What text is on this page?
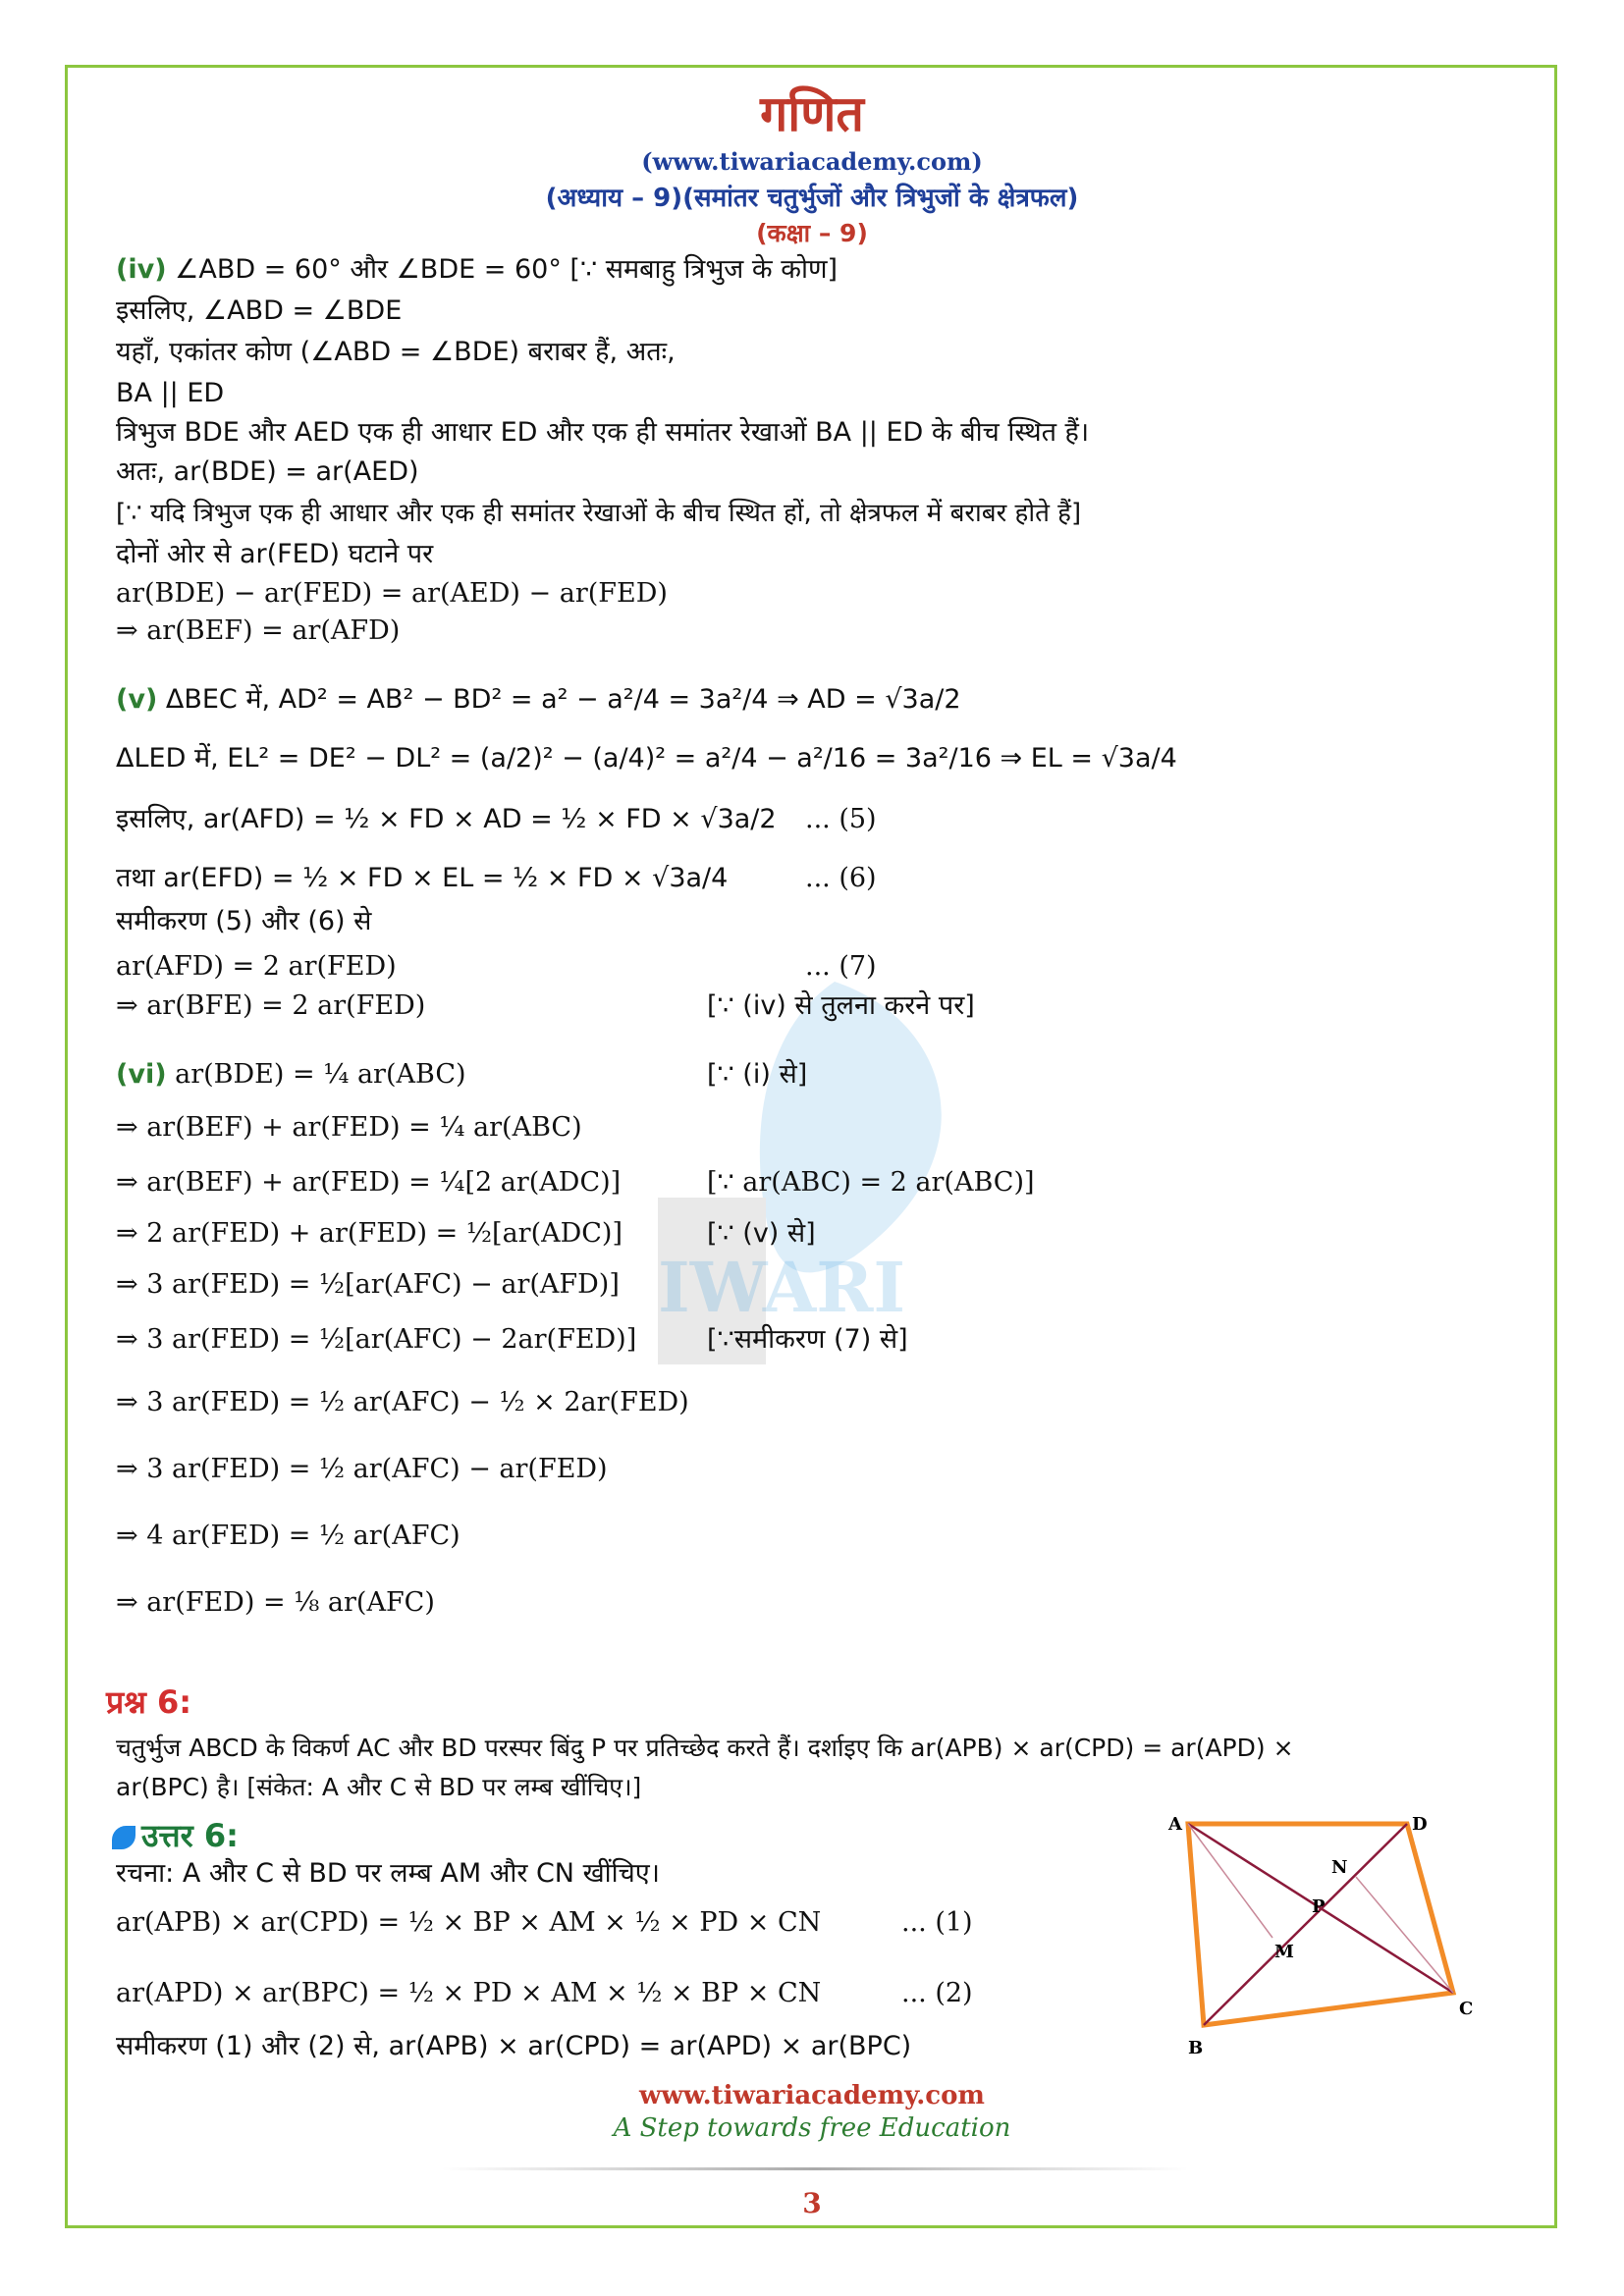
IWARI
गणित
(www.tiwariacademy.com)
(अध्याय – 9)(समांतर चतुर्भुजों और त्रिभुजों के क्षेत्रफल)
(कक्षा – 9)
(iv) ∠ABD = 60° और ∠BDE = 60° [∵ समबाहु त्रिभुज के कोण]
इसलिए, ∠ABD = ∠BDE
यहाँ, एकांतर कोण (∠ABD = ∠BDE) बराबर हैं, अतः,
BA || ED
त्रिभुज BDE और AED एक ही आधार ED और एक ही समांतर रेखाओं BA || ED के बीच स्थित हैं।
अतः, ar(BDE) = ar(AED)
[∵ यदि त्रिभुज एक ही आधार और एक ही समांतर रेखाओं के बीच स्थित हों, तो क्षेत्रफल में बराबर होते हैं]
दोनों ओर से ar(FED) घटाने पर
ar(BDE) − ar(FED) = ar(AED) − ar(FED)
⇒ ar(BEF) = ar(AFD)
(v) ΔBEC में, AD² = AB² − BD² = a² − a²/4 = 3a²/4 ⇒ AD = √3a/2
ΔLED में, EL² = DE² − DL² = (a/2)² − (a/4)² = a²/4 − a²/16 = 3a²/16 ⇒ EL = √3a/4
इसलिए, ar(AFD) = ½ × FD × AD = ½ × FD × √3a/2 ... (5)
तथा ar(EFD) = ½ × FD × EL = ½ × FD × √3a/4	... (6)
समीकरण (5) और (6) से
ar(AFD) = 2 ar(FED)	... (7)
⇒ ar(BFE) = 2 ar(FED)	[∵ (iv) से तुलना करने पर]
(vi) ar(BDE) = ¼ ar(ABC)	[∵ (i) से]
⇒ ar(BEF) + ar(FED) = ¼ ar(ABC)
⇒ ar(BEF) + ar(FED) = ¼[2 ar(ADC)]	[∵ ar(ABC) = 2 ar(ABC)]
⇒ 2 ar(FED) + ar(FED) = ½[ar(ADC)]	[∵ (v) से]
⇒ 3 ar(FED) = ½[ar(AFC) − ar(AFD)]
⇒ 3 ar(FED) = ½[ar(AFC) − 2ar(FED)]	[∵समीकरण (7) से]
⇒ 3 ar(FED) = ½ ar(AFC) − ½ × 2ar(FED)
⇒ 3 ar(FED) = ½ ar(AFC) − ar(FED)
⇒ 4 ar(FED) = ½ ar(AFC)
⇒ ar(FED) = ⅛ ar(AFC)
प्रश्न 6:
चतुर्भुज ABCD के विकर्ण AC और BD परस्पर बिंदु P पर प्रतिच्छेद करते हैं। दर्शाइए कि ar(APB) × ar(CPD) = ar(APD) ×
ar(BPC) है। [संकेत: A और C से BD पर लम्ब खींचिए।]
उत्तर 6:
रचना: A और C से BD पर लम्ब AM और CN खींचिए।
ar(APB) × ar(CPD) = ½ × BP × AM × ½ × PD × CN	... (1)
ar(APD) × ar(BPC) = ½ × PD × AM × ½ × BP × CN	... (2)
समीकरण (1) और (2) से, ar(APB) × ar(CPD) = ar(APD) × ar(BPC)
A	D
C
B
P
M
N
www.tiwariacademy.com
A Step towards free Education
3
